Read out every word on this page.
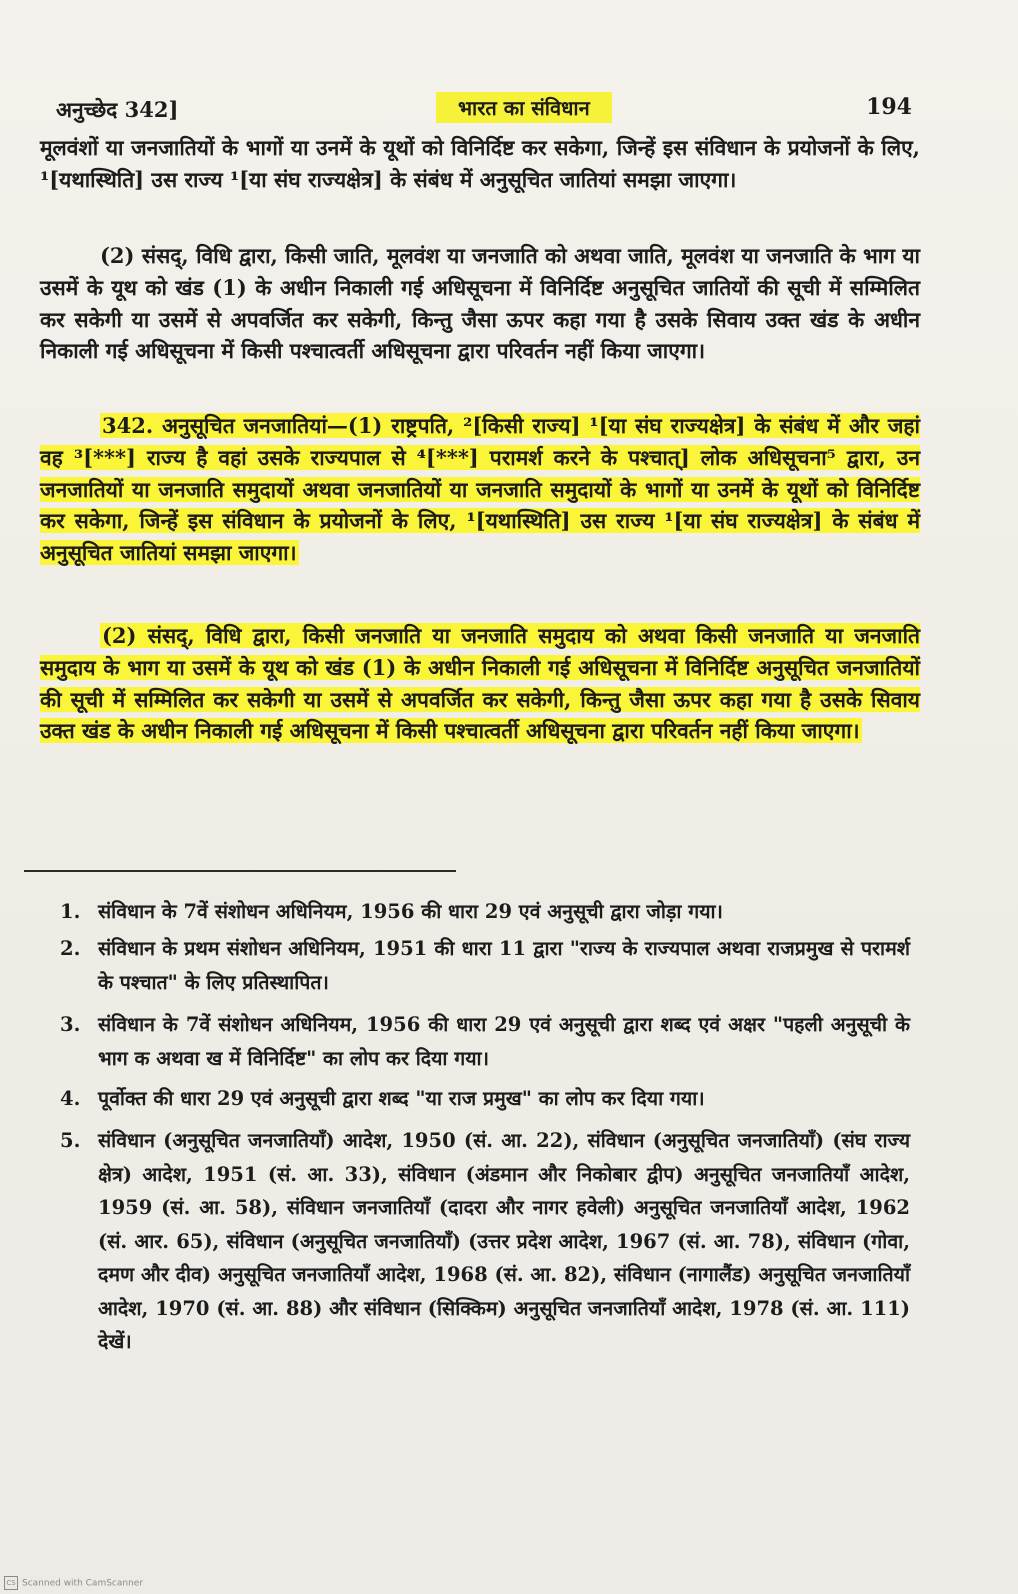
अनुच्छेद 342]	भारत का संविधान	194
मूलवंशों या जनजातियों के भागों या उनमें के यूथों को विनिर्दिष्ट कर सकेगा, जिन्हें इस संविधान के प्रयोजनों के लिए, ¹[यथास्थिति] उस राज्य ¹[या संघ राज्यक्षेत्र] के संबंध में अनुसूचित जातियां समझा जाएगा।
(2) संसद्, विधि द्वारा, किसी जाति, मूलवंश या जनजाति को अथवा जाति, मूलवंश या जनजाति के भाग या उसमें के यूथ को खंड (1) के अधीन निकाली गई अधिसूचना में विनिर्दिष्ट अनुसूचित जातियों की सूची में सम्मिलित कर सकेगी या उसमें से अपवर्जित कर सकेगी, किन्तु जैसा ऊपर कहा गया है उसके सिवाय उक्त खंड के अधीन निकाली गई अधिसूचना में किसी पश्चात्वर्ती अधिसूचना द्वारा परिवर्तन नहीं किया जाएगा।
342. अनुसूचित जनजातियां—(1) राष्ट्रपति, ²[किसी राज्य] ¹[या संघ राज्यक्षेत्र] के संबंध में और जहां वह ³[***] राज्य है वहां उसके राज्यपाल से ⁴[***] परामर्श करने के पश्चात्] लोक अधिसूचना⁵ द्वारा, उन जनजातियों या जनजाति समुदायों अथवा जनजातियों या जनजाति समुदायों के भागों या उनमें के यूथों को विनिर्दिष्ट कर सकेगा, जिन्हें इस संविधान के प्रयोजनों के लिए, ¹[यथास्थिति] उस राज्य ¹[या संघ राज्यक्षेत्र] के संबंध में अनुसूचित जातियां समझा जाएगा।
(2) संसद्, विधि द्वारा, किसी जनजाति या जनजाति समुदाय को अथवा किसी जनजाति या जनजाति समुदाय के भाग या उसमें के यूथ को खंड (1) के अधीन निकाली गई अधिसूचना में विनिर्दिष्ट अनुसूचित जनजातियों की सूची में सम्मिलित कर सकेगी या उसमें से अपवर्जित कर सकेगी, किन्तु जैसा ऊपर कहा गया है उसके सिवाय उक्त खंड के अधीन निकाली गई अधिसूचना में किसी पश्चात्वर्ती अधिसूचना द्वारा परिवर्तन नहीं किया जाएगा।
1. संविधान के 7वें संशोधन अधिनियम, 1956 की धारा 29 एवं अनुसूची द्वारा जोड़ा गया।
2. संविधान के प्रथम संशोधन अधिनियम, 1951 की धारा 11 द्वारा "राज्य के राज्यपाल अथवा राजप्रमुख से परामर्श के पश्चात" के लिए प्रतिस्थापित।
3. संविधान के 7वें संशोधन अधिनियम, 1956 की धारा 29 एवं अनुसूची द्वारा शब्द एवं अक्षर "पहली अनुसूची के भाग क अथवा ख में विनिर्दिष्ट" का लोप कर दिया गया।
4. पूर्वोक्त की धारा 29 एवं अनुसूची द्वारा शब्द "या राज प्रमुख" का लोप कर दिया गया।
5. संविधान (अनुसूचित जनजातियाँ) आदेश, 1950 (सं. आ. 22), संविधान (अनुसूचित जनजातियाँ) (संघ राज्य क्षेत्र) आदेश, 1951 (सं. आ. 33), संविधान (अंडमान और निकोबार द्वीप) अनुसूचित जनजातियाँ आदेश, 1959 (सं. आ. 58), संविधान जनजातियाँ (दादरा और नागर हवेली) अनुसूचित जनजातियाँ आदेश, 1962 (सं. आर. 65), संविधान (अनुसूचित जनजातियाँ) (उत्तर प्रदेश आदेश, 1967 (सं. आ. 78), संविधान (गोवा, दमण और दीव) अनुसूचित जनजातियाँ आदेश, 1968 (सं. आ. 82), संविधान (नागालैंड) अनुसूचित जनजातियाँ आदेश, 1970 (सं. आ. 88) और संविधान (सिक्किम) अनुसूचित जनजातियाँ आदेश, 1978 (सं. आ. 111) देखें।
CS Scanned with CamScanner
